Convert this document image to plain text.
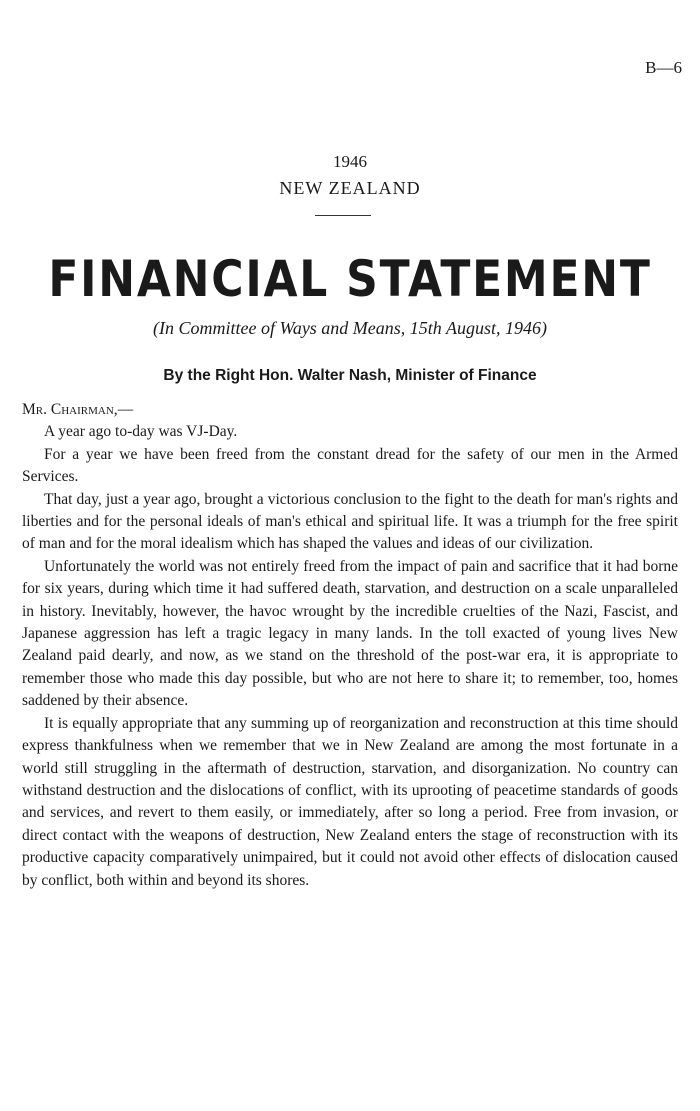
B—6
1946
NEW ZEALAND
FINANCIAL STATEMENT
(In Committee of Ways and Means, 15th August, 1946)
By the Right Hon. Walter Nash, Minister of Finance
Mr. Chairman,—

A year ago to-day was VJ-Day.

For a year we have been freed from the constant dread for the safety of our men in the Armed Services.

That day, just a year ago, brought a victorious conclusion to the fight to the death for man's rights and liberties and for the personal ideals of man's ethical and spiritual life. It was a triumph for the free spirit of man and for the moral idealism which has shaped the values and ideas of our civilization.

Unfortunately the world was not entirely freed from the impact of pain and sacrifice that it had borne for six years, during which time it had suffered death, starvation, and destruction on a scale unparalleled in history. Inevitably, however, the havoc wrought by the incredible cruelties of the Nazi, Fascist, and Japanese aggression has left a tragic legacy in many lands. In the toll exacted of young lives New Zealand paid dearly, and now, as we stand on the threshold of the post-war era, it is appropriate to remember those who made this day possible, but who are not here to share it; to remember, too, homes saddened by their absence.

It is equally appropriate that any summing up of reorganization and reconstruction at this time should express thankfulness when we remember that we in New Zealand are among the most fortunate in a world still struggling in the aftermath of destruction, starvation, and disorganization. No country can withstand destruction and the dislocations of conflict, with its uprooting of peacetime standards of goods and services, and revert to them easily, or immediately, after so long a period. Free from invasion, or direct contact with the weapons of destruction, New Zealand enters the stage of reconstruction with its productive capacity comparatively unimpaired, but it could not avoid other effects of dislocation caused by conflict, both within and beyond its shores.
